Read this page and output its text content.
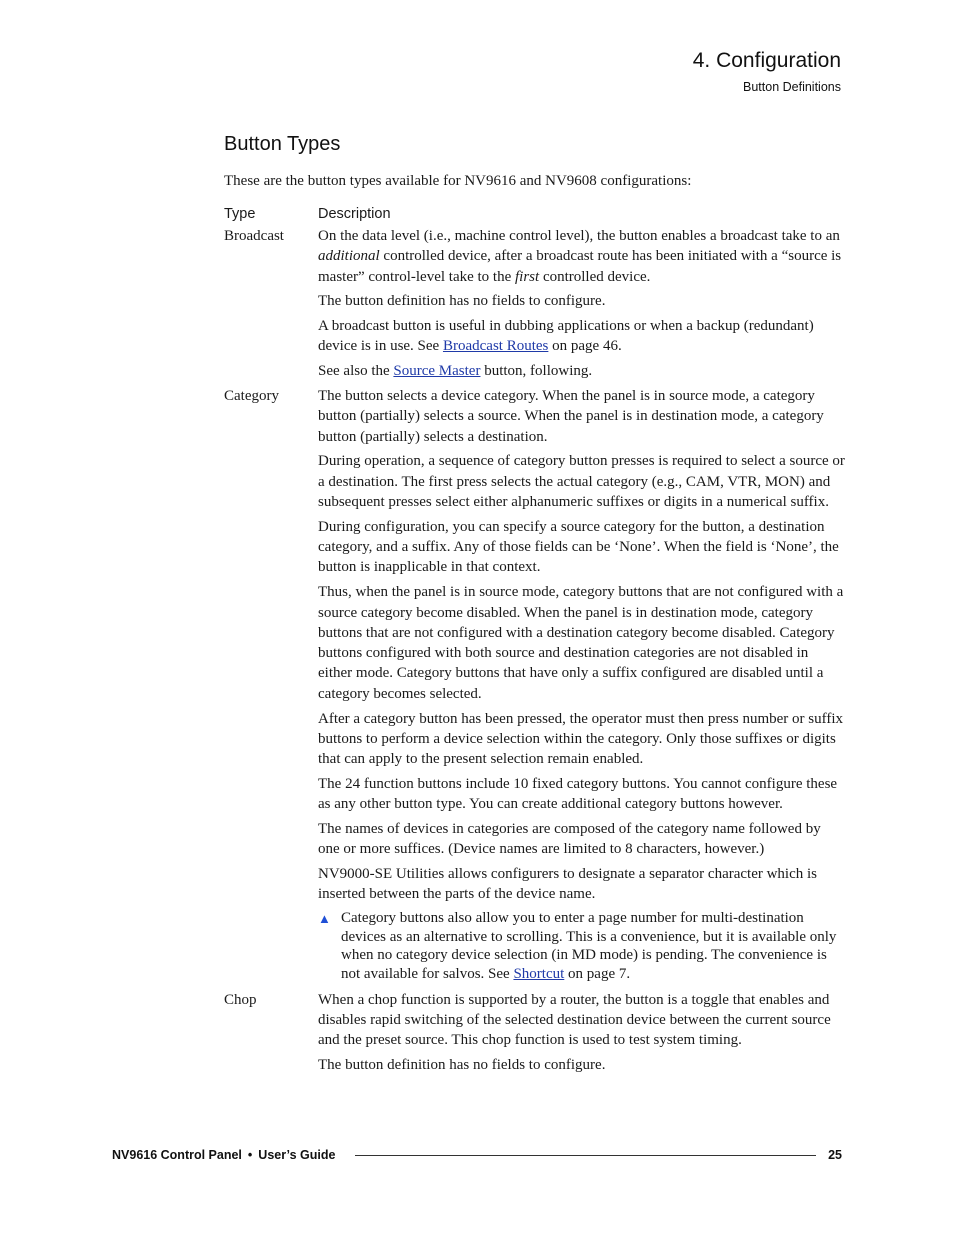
4. Configuration
Button Definitions
Button Types

These are the button types available for NV9616 and NV9608 configurations:

Type	Description
Broadcast	On the data level (i.e., machine control level), the button enables a broadcast take to an additional controlled device, after a broadcast route has been initiated with a “source is master” control-level take to the first controlled device.

The button definition has no fields to configure.

A broadcast button is useful in dubbing applications or when a backup (redundant) device is in use. See Broadcast Routes on page 46.

See also the Source Master button, following.

Category	The button selects a device category. When the panel is in source mode, a category button (partially) selects a source. When the panel is in destination mode, a category button (partially) selects a destination.

During operation, a sequence of category button presses is required to select a source or a destination. The first press selects the actual category (e.g., CAM, VTR, MON) and subsequent presses select either alphanumeric suffixes or digits in a numerical suffix.

During configuration, you can specify a source category for the button, a destination category, and a suffix. Any of those fields can be ‘None’. When the field is ‘None’, the button is inapplicable in that context.

Thus, when the panel is in source mode, category buttons that are not configured with a source category become disabled. When the panel is in destination mode, category buttons that are not configured with a destination category become disabled. Category buttons configured with both source and destination categories are not disabled in either mode. Category buttons that have only a suffix configured are disabled until a category becomes selected.

After a category button has been pressed, the operator must then press number or suffix buttons to perform a device selection within the category. Only those suffixes or digits that can apply to the present selection remain enabled.

The 24 function buttons include 10 fixed category buttons. You cannot configure these as any other button type. You can create additional category buttons however.

The names of devices in categories are composed of the category name followed by one or more suffices. (Device names are limited to 8 characters, however.)

NV9000-SE Utilities allows configurers to designate a separator character which is inserted between the parts of the device name.

▲ Category buttons also allow you to enter a page number for multi-destination devices as an alternative to scrolling. This is a convenience, but it is available only when no category device selection (in MD mode) is pending. The convenience is not available for salvos. See Shortcut on page 7.
Chop	When a chop function is supported by a router, the button is a toggle that enables and disables rapid switching of the selected destination device between the current source and the preset source. This chop function is used to test system timing.

The button definition has no fields to configure.

NV9616 Control Panel • User’s Guide	25
